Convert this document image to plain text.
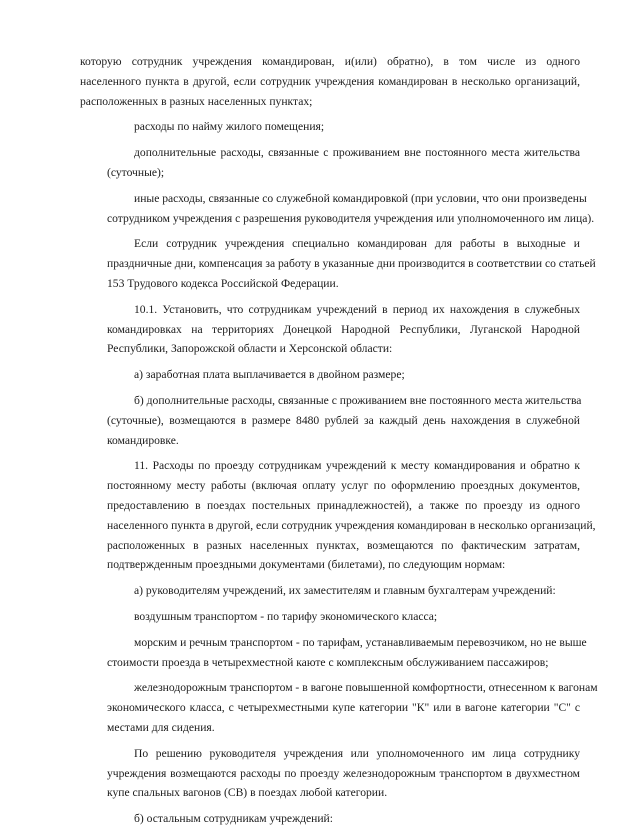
которую сотрудник учреждения командирован, и(или) обратно), в том числе из одного
населенного пункта в другой, если сотрудник учреждения командирован в несколько организаций,
расположенных в разных населенных пунктах;
расходы по найму жилого помещения;
дополнительные расходы, связанные с проживанием вне постоянного места жительства
(суточные);
иные расходы, связанные со служебной командировкой (при условии, что они произведены
сотрудником учреждения с разрешения руководителя учреждения или уполномоченного им лица).
Если сотрудник учреждения специально командирован для работы в выходные и
праздничные дни, компенсация за работу в указанные дни производится в соответствии со статьей
153 Трудового кодекса Российской Федерации.
10.1. Установить, что сотрудникам учреждений в период их нахождения в служебных
командировках на территориях Донецкой Народной Республики, Луганской Народной
Республики, Запорожской области и Херсонской области:
а) заработная плата выплачивается в двойном размере;
б) дополнительные расходы, связанные с проживанием вне постоянного места жительства
(суточные), возмещаются в размере 8480 рублей за каждый день нахождения в служебной
командировке.
11. Расходы по проезду сотрудникам учреждений к месту командирования и обратно к
постоянному месту работы (включая оплату услуг по оформлению проездных документов,
предоставлению в поездах постельных принадлежностей), а также по проезду из одного
населенного пункта в другой, если сотрудник учреждения командирован в несколько организаций,
расположенных в разных населенных пунктах, возмещаются по фактическим затратам,
подтвержденным проездными документами (билетами), по следующим нормам:
а) руководителям учреждений, их заместителям и главным бухгалтерам учреждений:
воздушным транспортом - по тарифу экономического класса;
морским и речным транспортом - по тарифам, устанавливаемым перевозчиком, но не выше
стоимости проезда в четырехместной каюте с комплексным обслуживанием пассажиров;
железнодорожным транспортом - в вагоне повышенной комфортности, отнесенном к вагонам
экономического класса, с четырехместными купе категории "К" или в вагоне категории "С" с
местами для сидения.
По решению руководителя учреждения или уполномоченного им лица сотруднику
учреждения возмещаются расходы по проезду железнодорожным транспортом в двухместном
купе спальных вагонов (СВ) в поездах любой категории.
б) остальным сотрудникам учреждений:
